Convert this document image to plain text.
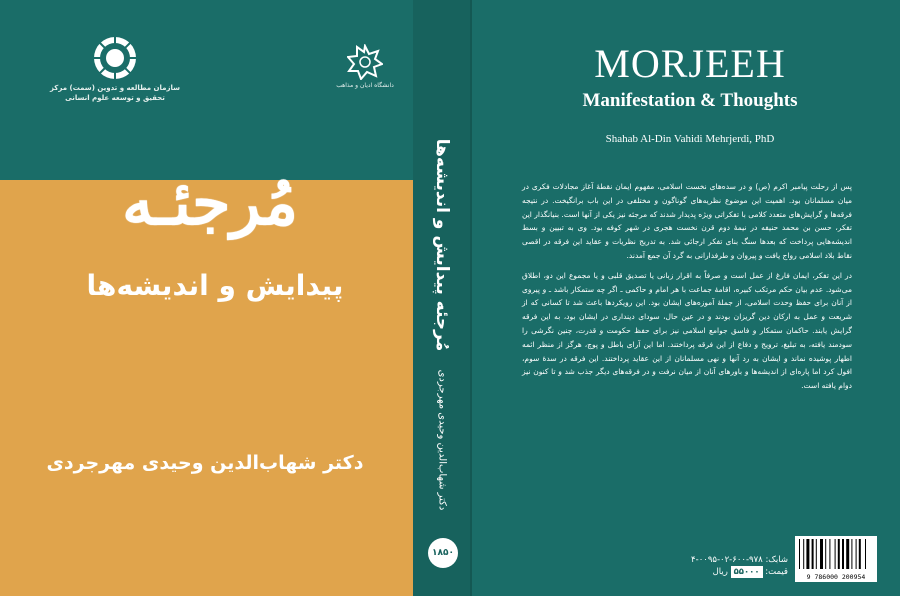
سازمان مطالعه و تدوین (سمت) مرکز تحقیق و توسعه علوم انسانی
دانشگاه ادیان و مذاهب
مُرجئـه
پیدایش و اندیشه‌ها
دکتر شهاب‌الدین وحیدی مهرجردی
مُرجئه پیدایش و اندیشه‌ها
دکتر شهاب‌الدین وحیدی مهرجردی
۱۸۵۰
MORJEEH
Manifestation & Thoughts
Shahab Al-Din Vahidi Mehrjerdi, PhD

پس از رحلت پیامبر اکرم (ص) و در سده‌های نخست اسلامی، مفهوم ایمان نقطهٔ آغاز مجادلات فکری در میان مسلمانان بود. اهمیت این موضوع نظریه‌های گوناگون و مختلفی در این باب برانگیخت. در نتیجه فرقه‌ها و گرایش‌های متعدد کلامی با تفکراتی ویژه پدیدار شدند که مرجئه نیز یکی از آنها است. بنیانگذار این تفکر، حسن بن محمد حنیفه در نیمهٔ دوم قرن نخست هجری در شهر کوفه بود. وی به تبیین و بسط اندیشه‌هایی پرداخت که بعدها سنگ بنای تفکر ارجائی شد. به تدریج نظریات و عقاید این فرقه در اقصی نقاط بلاد اسلامی رواج یافت و پیروان و طرفدارانی به گرد آن جمع آمدند.

در این تفکر، ایمان فارغ از عمل است و صرفاً به اقرار زبانی یا تصدیق قلبی و یا مجموع این دو، اطلاق می‌شود. عدم بیان حکم مرتکب کبیره، اقامهٔ جماعت با هر امام و حاکمی ـ اگر چه ستمکار باشد ـ و پیروی از آنان برای حفظ وحدت اسلامی، از جملهٔ آموزه‌های ایشان بود. این رویکردها باعث شد تا کسانی که از شریعت و عمل به ارکان دین گریزان بودند و در عین حال، سودای دینداری در ایشان بود، به این فرقه گرایش یابند. حاکمان ستمکار و فاسق جوامع اسلامی نیز برای حفظ حکومت و قدرت، چنین نگرشی را سودمند یافته، به تبلیغ، ترویج و دفاع از این فرقه پرداختند. اما این آرای باطل و پوچ، هرگز از منظر ائمه اطهار پوشیده نماند و ایشان به رد آنها و نهی مسلمانان از این عقاید پرداختند. این فرقه در سدهٔ سوم، افول کرد اما پاره‌ای از اندیشه‌ها و باورهای آنان از میان نرفت و در فرقه‌های دیگر جذب شد و تا کنون نیز دوام یافته است.

شابک: ۹۷۸-۶۰۰-۰۲-۰۰۹۵-۴
قیمت: ۵۵۰۰۰ ریال	9 786000 200954
